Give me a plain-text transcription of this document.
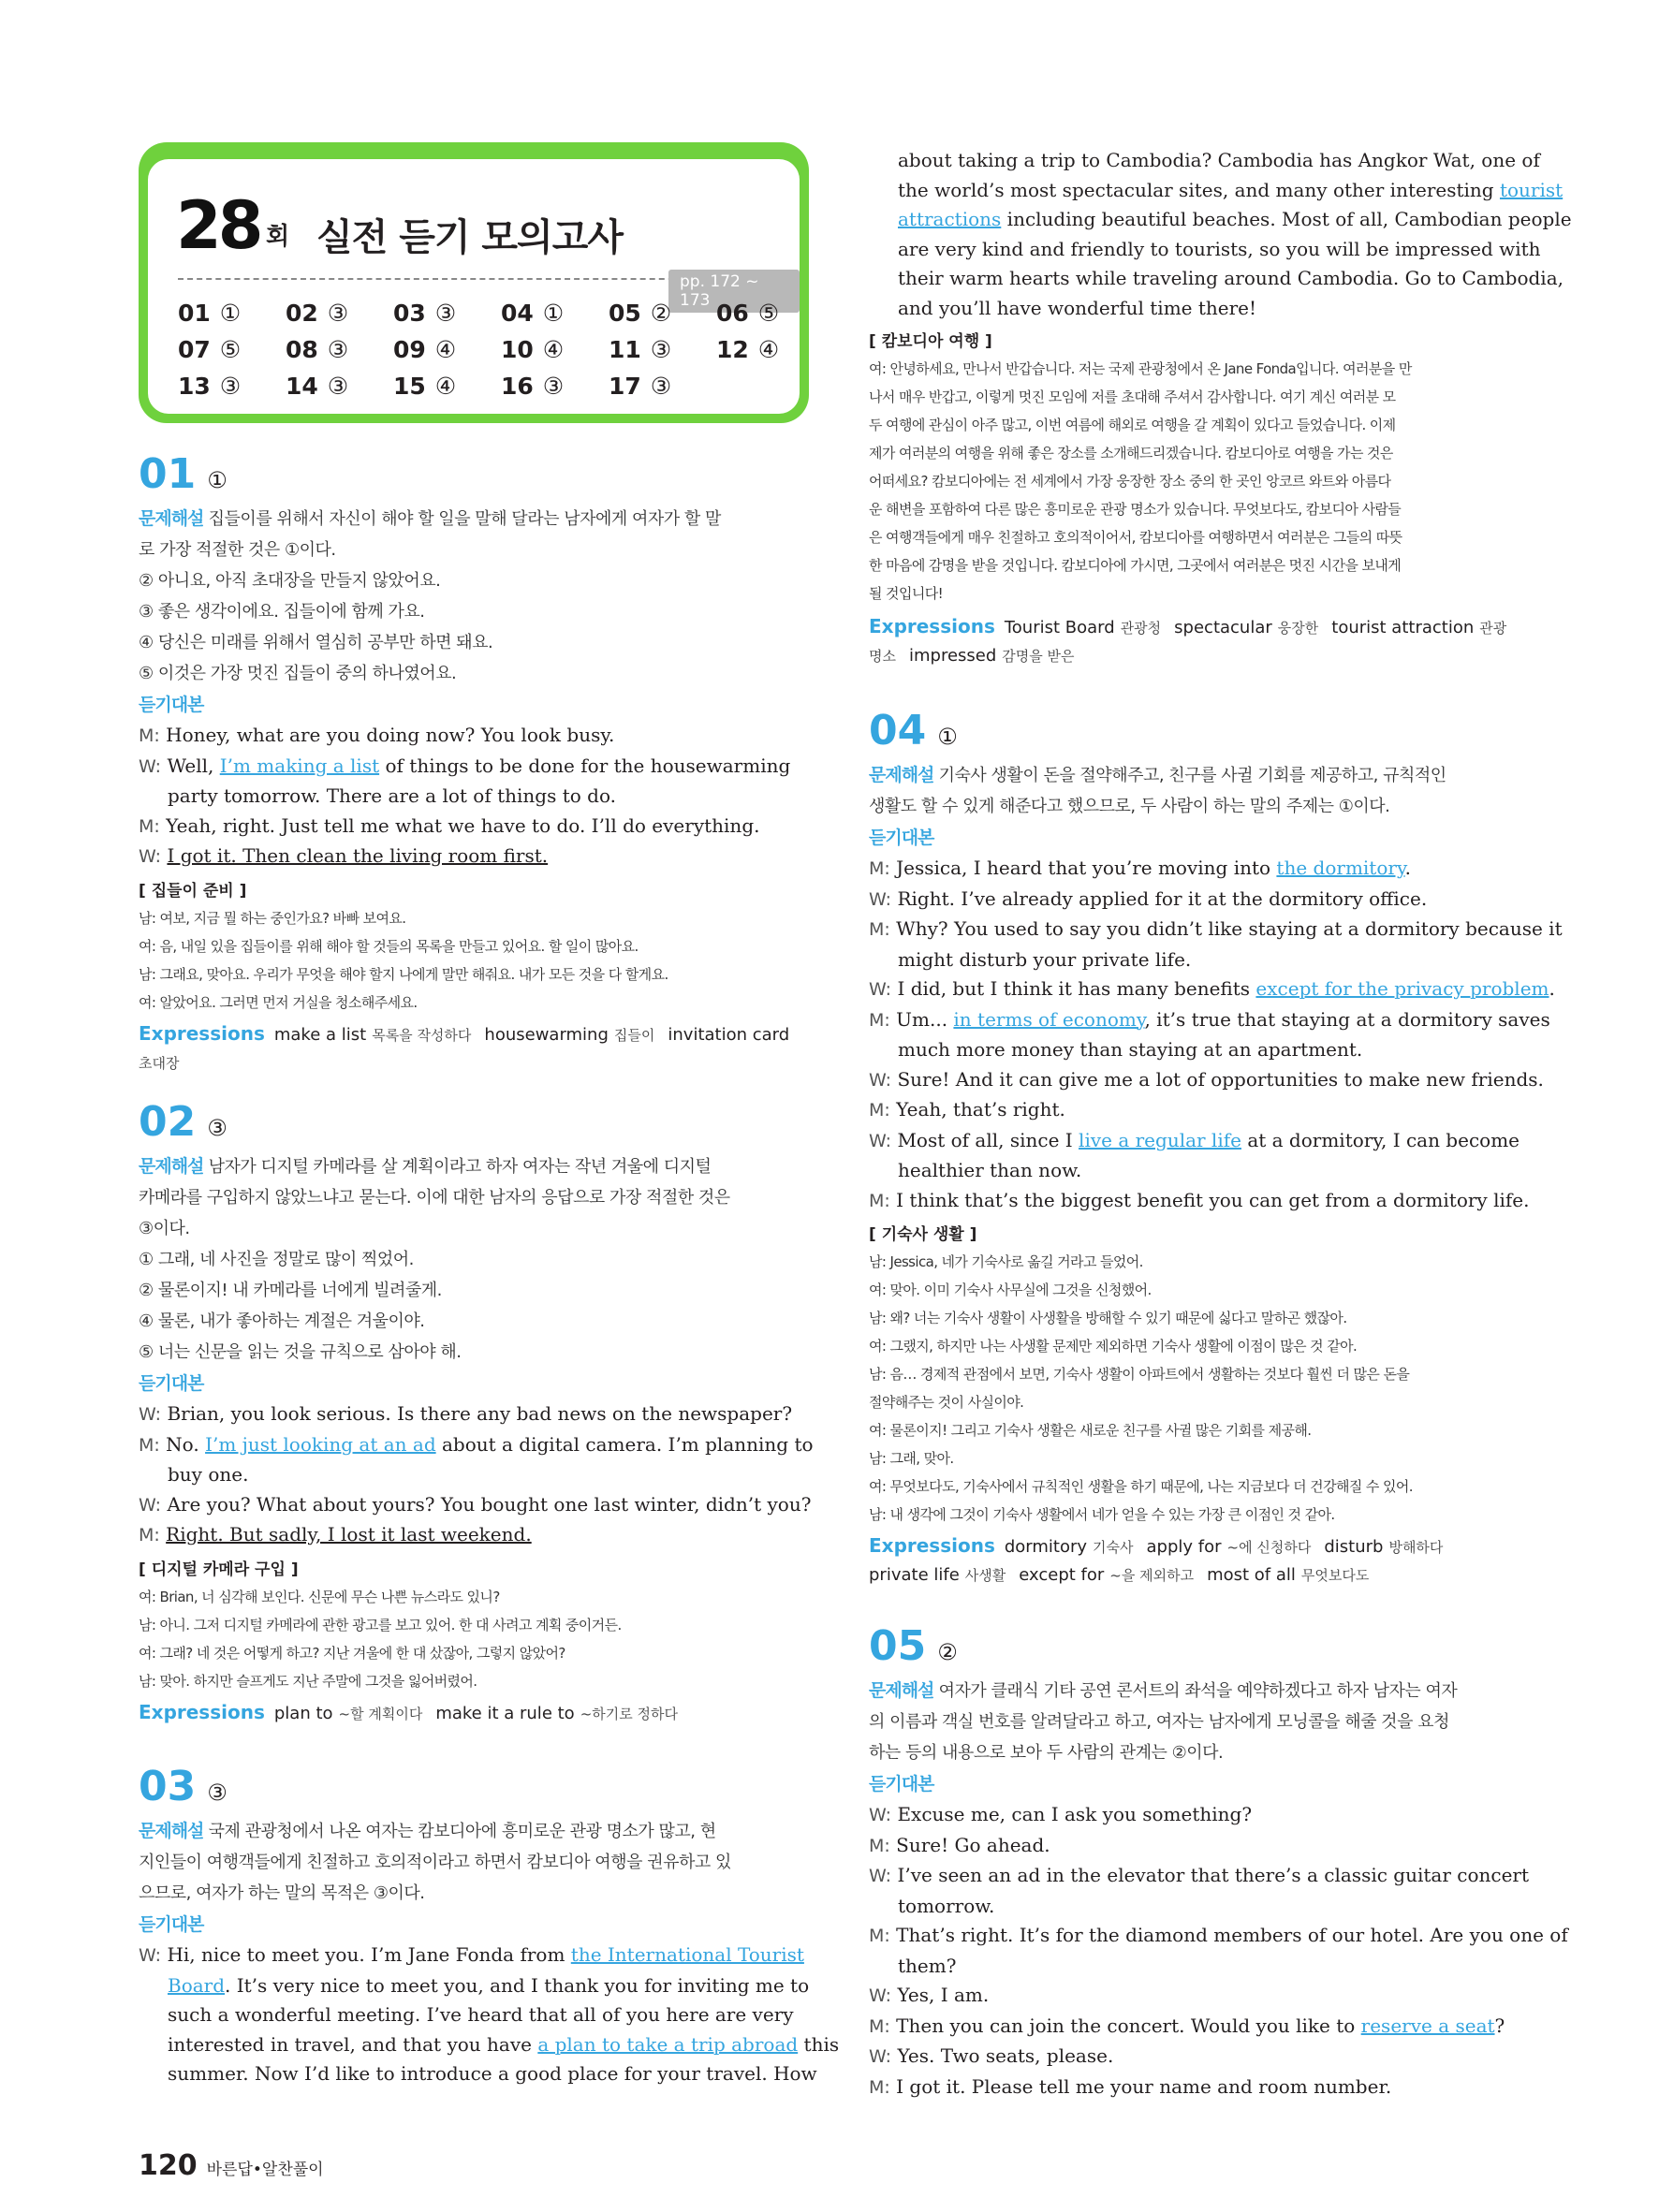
28 회 실전 듣기 모의고사
pp. 172 ~ 173
01 ①	02 ③	03 ③	04 ①	05 ②	06 ⑤
07 ⑤	08 ③	09 ④	10 ④	11 ③	12 ④
13 ③	14 ③	15 ④	16 ③	17 ③
01 ①
문제해설 집들이를 위해서 자신이 해야 할 일을 말해 달라는 남자에게 여자가 할 말
로 가장 적절한 것은 ①이다.
② 아니요, 아직 초대장을 만들지 않았어요.
③ 좋은 생각이에요. 집들이에 함께 가요.
④ 당신은 미래를 위해서 열심히 공부만 하면 돼요.
⑤ 이것은 가장 멋진 집들이 중의 하나였어요.
듣기대본
M: Honey, what are you doing now? You look busy.
W: Well, I’m making a list of things to be done for the housewarming
party tomorrow. There are a lot of things to do.
M: Yeah, right. Just tell me what we have to do. I’ll do everything.
W: I got it. Then clean the living room first.
[ 집들이 준비 ]
남: 여보, 지금 뭘 하는 중인가요? 바빠 보여요.
여: 음, 내일 있을 집들이를 위해 해야 할 것들의 목록을 만들고 있어요. 할 일이 많아요.
남: 그래요, 맞아요. 우리가 무엇을 해야 할지 나에게 말만 해줘요. 내가 모든 것을 다 할게요.
여: 알았어요. 그러면 먼저 거실을 청소해주세요.
Expressions make a list 목록을 작성하다 housewarming 집들이 invitation card
초대장
02 ③
문제해설 남자가 디지털 카메라를 살 계획이라고 하자 여자는 작년 겨울에 디지털
카메라를 구입하지 않았느냐고 묻는다. 이에 대한 남자의 응답으로 가장 적절한 것은
③이다.
① 그래, 네 사진을 정말로 많이 찍었어.
② 물론이지! 내 카메라를 너에게 빌려줄게.
④ 물론, 내가 좋아하는 계절은 겨울이야.
⑤ 너는 신문을 읽는 것을 규칙으로 삼아야 해.
듣기대본
W: Brian, you look serious. Is there any bad news on the newspaper?
M: No. I’m just looking at an ad about a digital camera. I’m planning to
buy one.
W: Are you? What about yours? You bought one last winter, didn’t you?
M: Right. But sadly, I lost it last weekend.
[ 디지털 카메라 구입 ]
여: Brian, 너 심각해 보인다. 신문에 무슨 나쁜 뉴스라도 있니?
남: 아니. 그저 디지털 카메라에 관한 광고를 보고 있어. 한 대 사려고 계획 중이거든.
여: 그래? 네 것은 어떻게 하고? 지난 겨울에 한 대 샀잖아, 그렇지 않았어?
남: 맞아. 하지만 슬프게도 지난 주말에 그것을 잃어버렸어.
Expressions plan to ~할 계획이다 make it a rule to ~하기로 정하다
03 ③
문제해설 국제 관광청에서 나온 여자는 캄보디아에 흥미로운 관광 명소가 많고, 현
지인들이 여행객들에게 친절하고 호의적이라고 하면서 캄보디아 여행을 권유하고 있
으므로, 여자가 하는 말의 목적은 ③이다.
듣기대본
W: Hi, nice to meet you. I’m Jane Fonda from the International Tourist
Board. It’s very nice to meet you, and I thank you for inviting me to
such a wonderful meeting. I’ve heard that all of you here are very
interested in travel, and that you have a plan to take a trip abroad this
summer. Now I’d like to introduce a good place for your travel. How
about taking a trip to Cambodia? Cambodia has Angkor Wat, one of
the world’s most spectacular sites, and many other interesting tourist
attractions including beautiful beaches. Most of all, Cambodian people
are very kind and friendly to tourists, so you will be impressed with
their warm hearts while traveling around Cambodia. Go to Cambodia,
and you’ll have wonderful time there!
[ 캄보디아 여행 ]
여: 안녕하세요, 만나서 반갑습니다. 저는 국제 관광청에서 온 Jane Fonda입니다. 여러분을 만
나서 매우 반갑고, 이렇게 멋진 모임에 저를 초대해 주셔서 감사합니다. 여기 계신 여러분 모
두 여행에 관심이 아주 많고, 이번 여름에 해외로 여행을 갈 계획이 있다고 들었습니다. 이제
제가 여러분의 여행을 위해 좋은 장소를 소개해드리겠습니다. 캄보디아로 여행을 가는 것은
어떠세요? 캄보디아에는 전 세계에서 가장 웅장한 장소 중의 한 곳인 앙코르 와트와 아름다
운 해변을 포함하여 다른 많은 흥미로운 관광 명소가 있습니다. 무엇보다도, 캄보디아 사람들
은 여행객들에게 매우 친절하고 호의적이어서, 캄보디아를 여행하면서 여러분은 그들의 따뜻
한 마음에 감명을 받을 것입니다. 캄보디아에 가시면, 그곳에서 여러분은 멋진 시간을 보내게
될 것입니다!
Expressions Tourist Board 관광청 spectacular 웅장한 tourist attraction 관광
명소 impressed 감명을 받은
04 ①
문제해설 기숙사 생활이 돈을 절약해주고, 친구를 사귈 기회를 제공하고, 규칙적인
생활도 할 수 있게 해준다고 했으므로, 두 사람이 하는 말의 주제는 ①이다.
듣기대본
M: Jessica, I heard that you’re moving into the dormitory.
W: Right. I’ve already applied for it at the dormitory office.
M: Why? You used to say you didn’t like staying at a dormitory because it
might disturb your private life.
W: I did, but I think it has many benefits except for the privacy problem.
M: Um... in terms of economy, it’s true that staying at a dormitory saves
much more money than staying at an apartment.
W: Sure! And it can give me a lot of opportunities to make new friends.
M: Yeah, that’s right.
W: Most of all, since I live a regular life at a dormitory, I can become
healthier than now.
M: I think that’s the biggest benefit you can get from a dormitory life.
[ 기숙사 생활 ]
남: Jessica, 네가 기숙사로 옮길 거라고 들었어.
여: 맞아. 이미 기숙사 사무실에 그것을 신청했어.
남: 왜? 너는 기숙사 생활이 사생활을 방해할 수 있기 때문에 싫다고 말하곤 했잖아.
여: 그랬지, 하지만 나는 사생활 문제만 제외하면 기숙사 생활에 이점이 많은 것 같아.
남: 음… 경제적 관점에서 보면, 기숙사 생활이 아파트에서 생활하는 것보다 훨씬 더 많은 돈을
절약해주는 것이 사실이야.
여: 물론이지! 그리고 기숙사 생활은 새로운 친구를 사귈 많은 기회를 제공해.
남: 그래, 맞아.
여: 무엇보다도, 기숙사에서 규칙적인 생활을 하기 때문에, 나는 지금보다 더 건강해질 수 있어.
남: 내 생각에 그것이 기숙사 생활에서 네가 얻을 수 있는 가장 큰 이점인 것 같아.
Expressions dormitory 기숙사 apply for ~에 신청하다 disturb 방해하다
private life 사생활 except for ~을 제외하고 most of all 무엇보다도
05 ②
문제해설 여자가 클래식 기타 공연 콘서트의 좌석을 예약하겠다고 하자 남자는 여자
의 이름과 객실 번호를 알려달라고 하고, 여자는 남자에게 모닝콜을 해줄 것을 요청
하는 등의 내용으로 보아 두 사람의 관계는 ②이다.
듣기대본
W: Excuse me, can I ask you something?
M: Sure! Go ahead.
W: I’ve seen an ad in the elevator that there’s a classic guitar concert
tomorrow.
M: That’s right. It’s for the diamond members of our hotel. Are you one of
them?
W: Yes, I am.
M: Then you can join the concert. Would you like to reserve a seat?
W: Yes. Two seats, please.
M: I got it. Please tell me your name and room number.
120 바른답•알찬풀이
